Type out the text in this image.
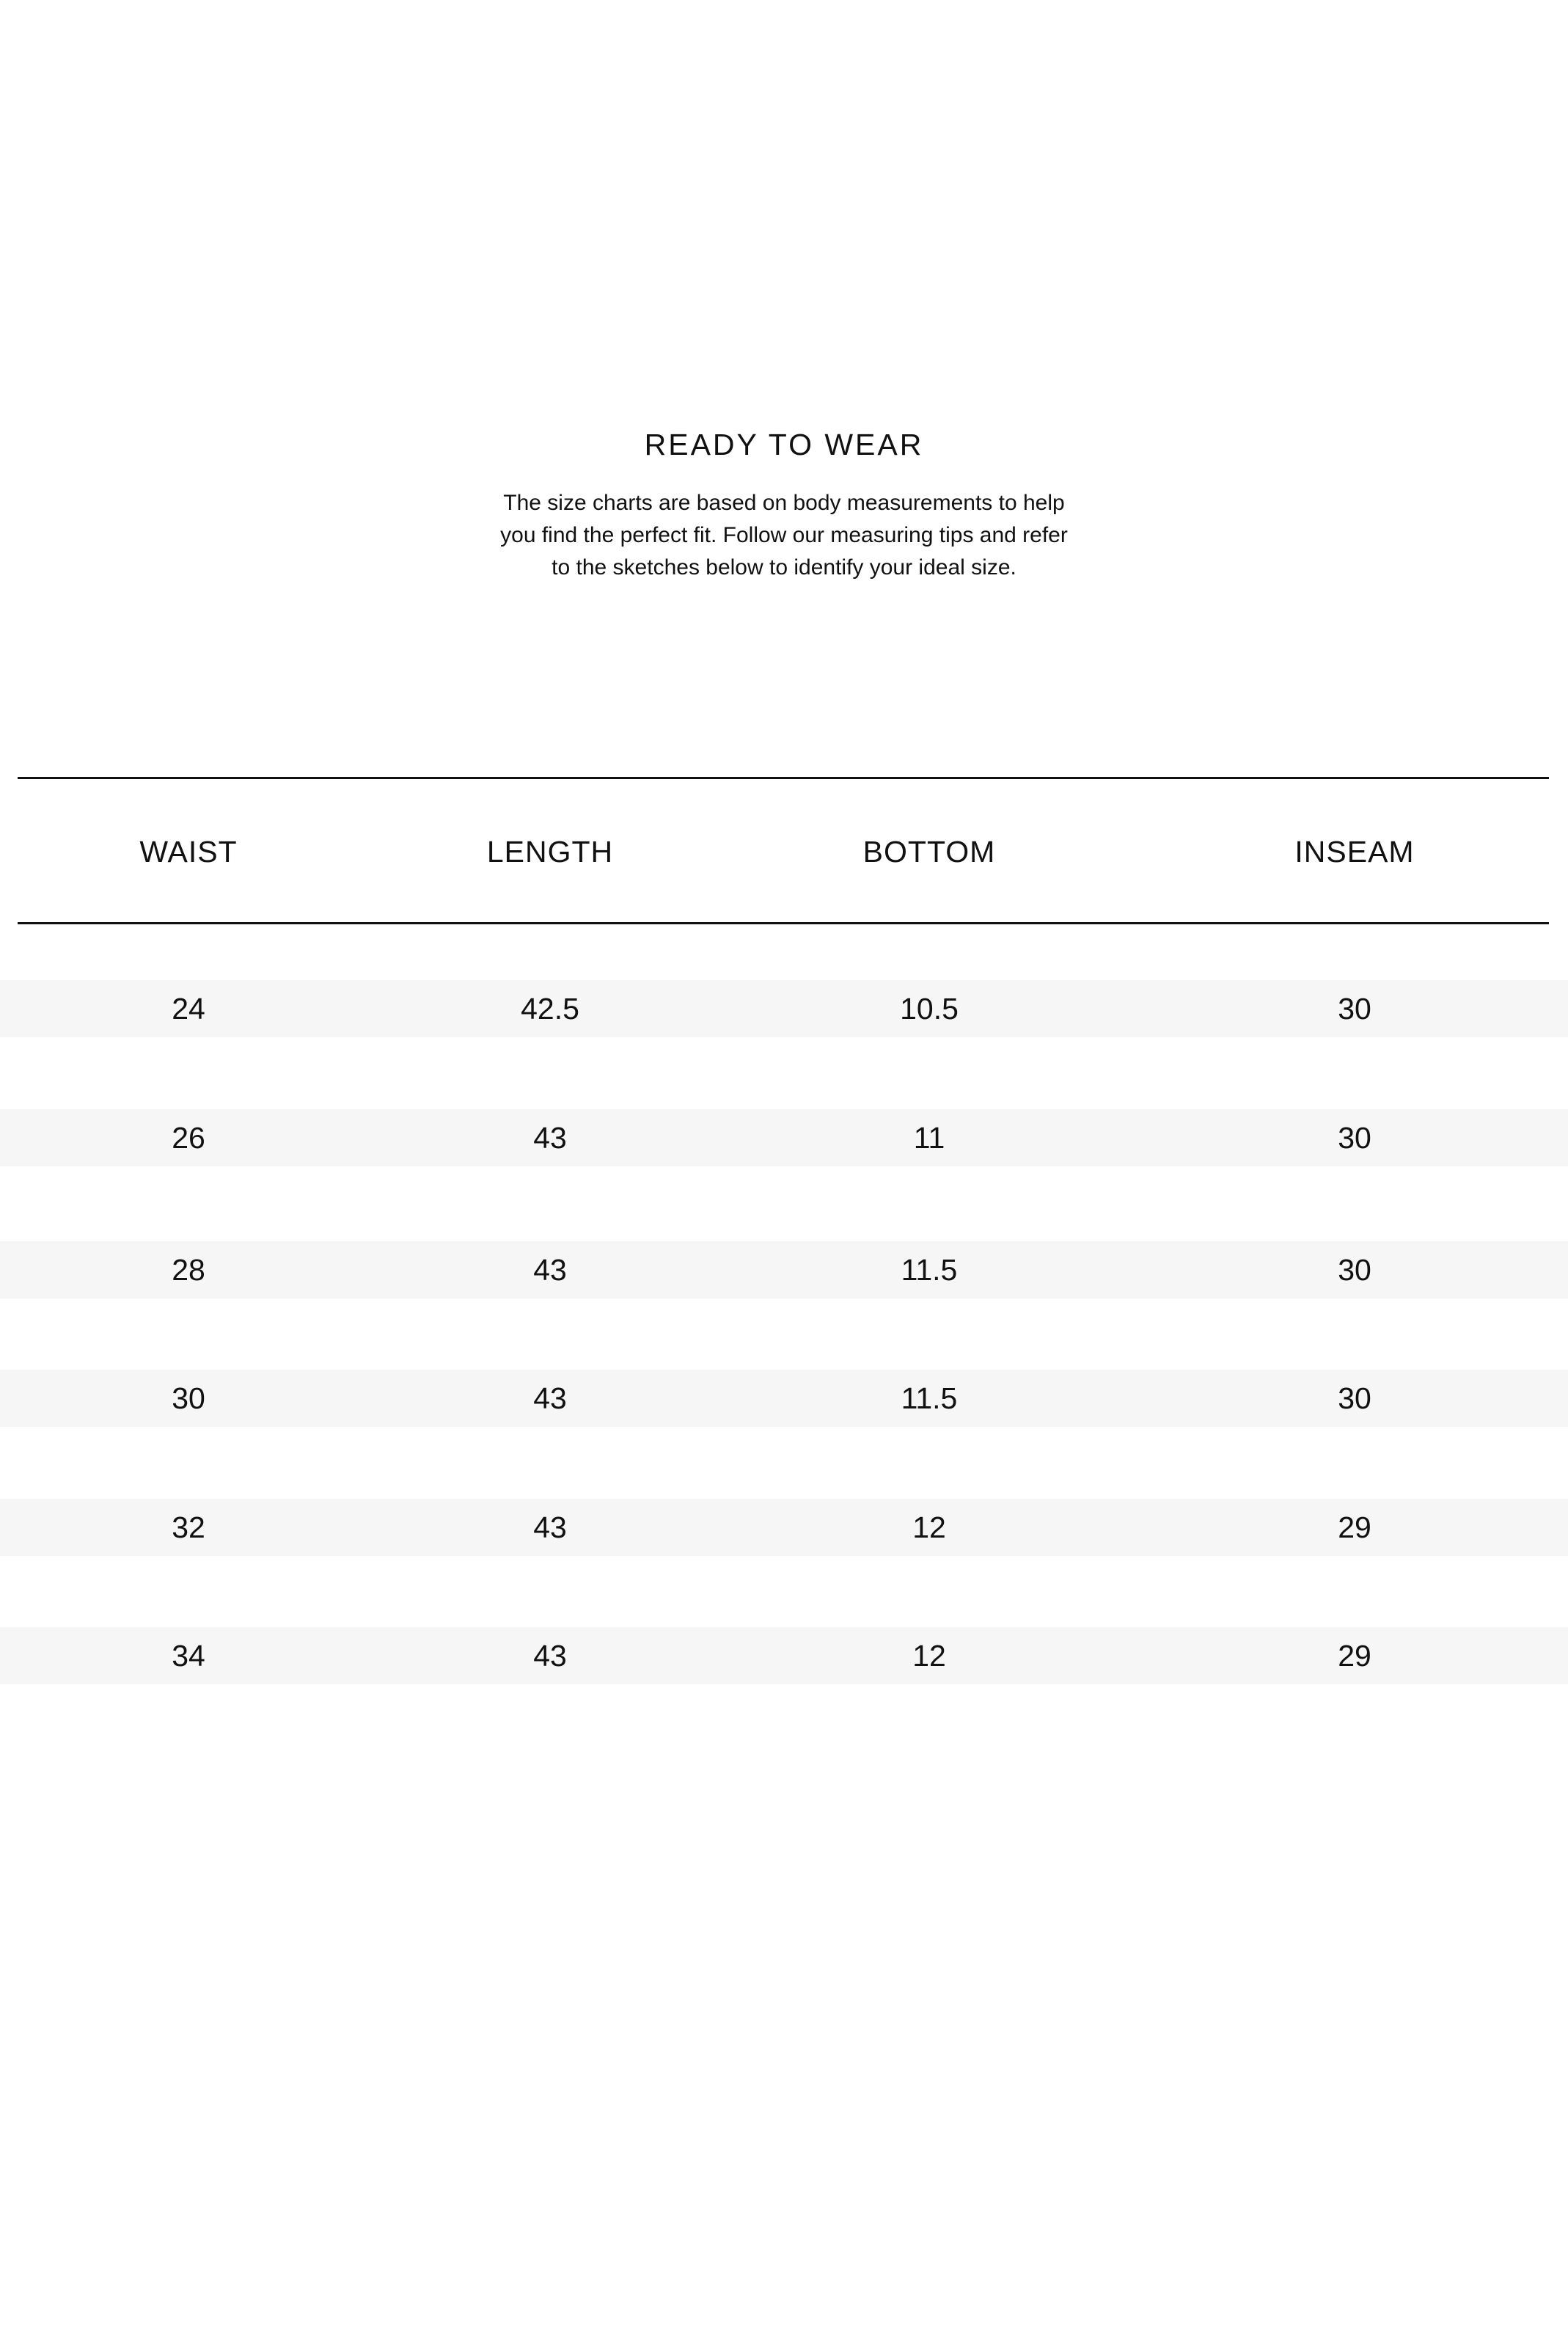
READY TO WEAR

The size charts are based on body measurements to help
you find the perfect fit. Follow our measuring tips and refer
to the sketches below to identify your ideal size.

WAIST	LENGTH	BOTTOM	INSEAM
24	42.5	10.5	30
26	43	11	30
28	43	11.5	30
30	43	11.5	30
32	43	12	29
34	43	12	29
